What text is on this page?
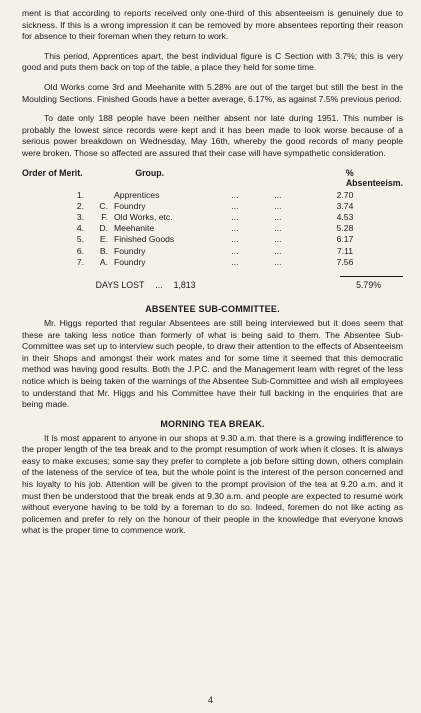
ment is that according to reports received only one-third of this absenteeism is genuinely due to sickness. If this is a wrong impression it can be removed by more absentees reporting their reason for absence to their foreman when they return to work.

This period, Apprentices apart, the best individual figure is C Section with 3.7%; this is very good and puts them back on top of the table, a place they held for some time.

Old Works come 3rd and Meehanite with 5.28% are out of the target but still the best in the Moulding Sections. Finished Goods have a better average, 6.17%, as against 7.5% previous period.

To date only 188 people have been neither absent nor late during 1951. This number is probably the lowest since records were kept and it has been made to look worse because of a serious power breakdown on Wednesday, May 16th, whereby the good records of many people were broken. Those so affected are assured that their case will have sympathetic consideration.

Order of Merit.	Group.	% Absenteeism.
1.	Apprentices	...	...	2.70
2.	C. Foundry	...	...	3.74
3.	F. Old Works, etc.	...	...	4.53
4.	D. Meehanite	...	...	5.28
5.	E. Finished Goods	...	...	6.17
6.	B. Foundry	...	...	7.11
7.	A. Foundry	...	...	7.56
DAYS LOST	...	1,813	5.79%
ABSENTEE SUB-COMMITTEE.

Mr. Higgs reported that regular Absentees are still being interviewed but it does seem that these are taking less notice than formerly of what is being said to them. The Absentee Sub-Committee was set up to interview such people, to draw their attention to the effects of Absenteeism in their Shops and amongst their work mates and for some time it seemed that this democratic method was having good results. Both the J.P.C. and the Management learn with regret of the less notice which is being taken of the warnings of the Absentee Sub-Committee and wish all employees to understand that Mr. Higgs and his Committee have their full backing in the enquiries that are being made.

MORNING TEA BREAK.

It is most apparent to anyone in our shops at 9.30 a.m. that there is a growing indifference to the proper length of the tea break and to the prompt resumption of work when it closes. It is always easy to make excuses; some say they prefer to complete a job before sitting down, others complain of the lateness of the service of tea, but the whole point is the interest of the person concerned and his loyalty to his job. Attention will be given to the prompt provision of the tea at 9.20 a.m. and it must then be understood that the break ends at 9.30 a.m. and people are expected to resume work without everyone having to be told by a foreman to do so. Indeed, foremen do not like acting as policemen and prefer to rely on the honour of their people in the knowledge that everyone knows what is the proper time to commence work.

4
